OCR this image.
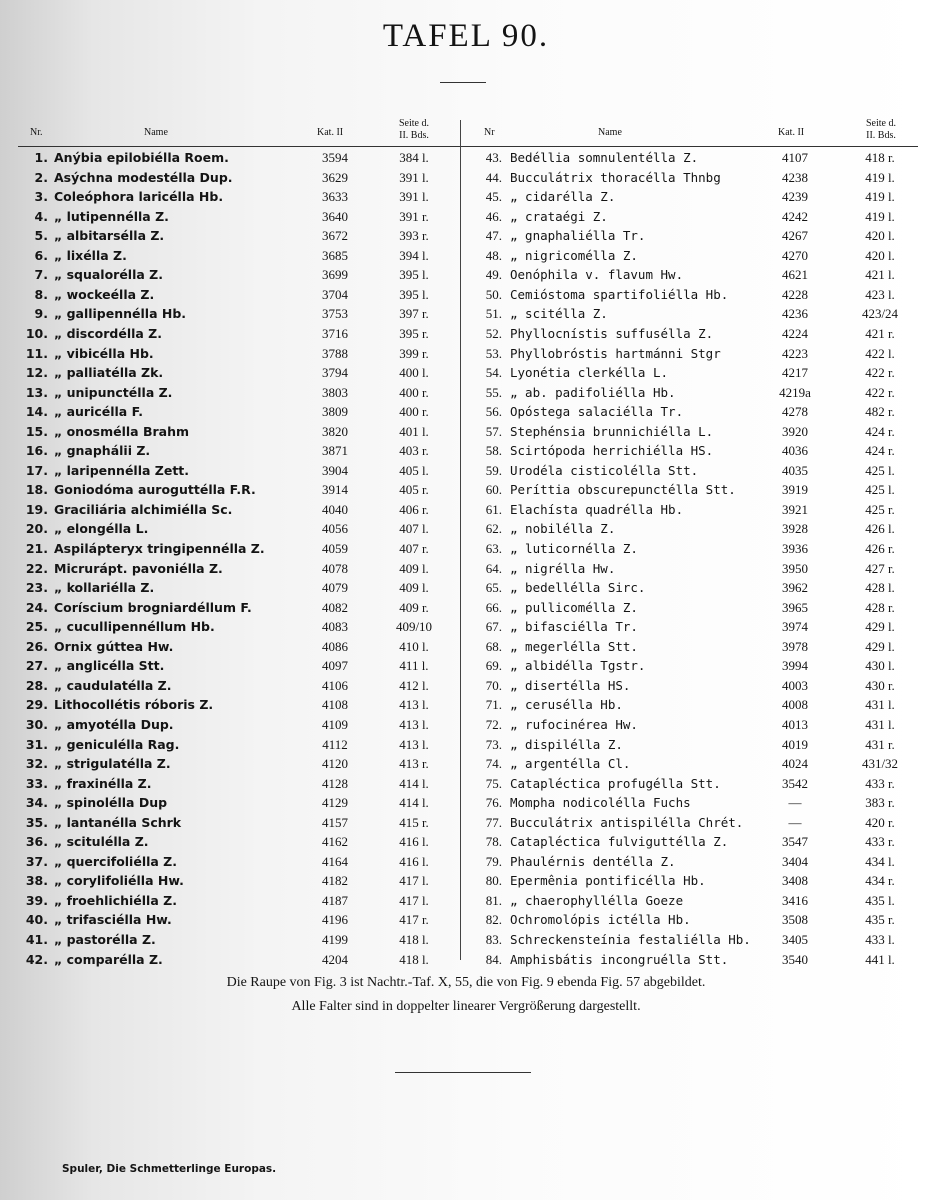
TAFEL 90.
Nr.	Name	Kat. II
Seite d.
II. Bds.	Nr	Name	Kat. II
Seite d.
II. Bds.
1. Anýbia epilobiélla Roem.	3594	384 l.
2. Asýchna modestélla Dup.	3629	391 l.
3. Coleóphora laricélla Hb.	3633	391 l.
4. „ lutipennélla Z.	3640	391 r.
5. „ albitarsélla Z.	3672	393 r.
6. „ lixélla Z.	3685	394 l.
7. „ squalorélla Z.	3699	395 l.
8. „ wockeélla Z.	3704	395 l.
9. „ gallipennélla Hb.	3753	397 r.
10. „ discordélla Z.	3716	395 r.
11. „ vibicélla Hb.	3788	399 r.
12. „ palliatélla Zk.	3794	400 l.
13. „ unipunctélla Z.	3803	400 r.
14. „ auricélla F.	3809	400 r.
15. „ onosmélla Brahm	3820	401 l.
16. „ gnaphálii Z.	3871	403 r.
17. „ laripennélla Zett.	3904	405 l.
18. Goniodóma auroguttélla F.R.	3914	405 r.
19. Graciliária alchimiélla Sc.	4040	406 r.
20. „ elongélla L.	4056	407 l.
21. Aspilápteryx tringipennélla Z.	4059	407 r.
22. Micrurápt. pavoniélla Z.	4078	409 l.
23. „ kollariélla Z.	4079	409 l.
24. Coríscium brogniardéllum F.	4082	409 r.
25. „ cucullipennéllum Hb.	4083	409/10
26. Ornix gúttea Hw.	4086	410 l.
27. „ anglicélla Stt.	4097	411 l.
28. „ caudulatélla Z.	4106	412 l.
29. Lithocollétis róboris Z.	4108	413 l.
30. „ amyotélla Dup.	4109	413 l.
31. „ geniculélla Rag.	4112	413 l.
32. „ strigulatélla Z.	4120	413 r.
33. „ fraxinélla Z.	4128	414 l.
34. „ spinolélla Dup	4129	414 l.
35. „ lantanélla Schrk	4157	415 r.
36. „ scitulélla Z.	4162	416 l.
37. „ quercifoliélla Z.	4164	416 l.
38. „ corylifoliélla Hw.	4182	417 l.
39. „ froehlichiélla Z.	4187	417 l.
40. „ trifasciélla Hw.	4196	417 r.
41. „ pastorélla Z.	4199	418 l.
42. „ comparélla Z.	4204	418 l.
43. Bedéllia somnulentélla Z.	4107	418 r.
44. Bucculátrix thoracélla Thnbg	4238	419 l.
45. „ cidarélla Z.	4239	419 l.
46. „ crataégi Z.	4242	419 l.
47. „ gnaphaliélla Tr.	4267	420 l.
48. „ nigricomélla Z.	4270	420 l.
49. Oenóphila v. flavum Hw.	4621	421 l.
50. Cemióstoma spartifoliélla Hb.	4228	423 l.
51. „ scitélla Z.	4236	423/24
52. Phyllocnístis suffusélla Z.	4224	421 r.
53. Phyllobróstis hartmánni Stgr	4223	422 l.
54. Lyonétia clerkélla L.	4217	422 r.
55. „ ab. padifoliélla Hb.	4219a	422 r.
56. Opóstega salaciélla Tr.	4278	482 r.
57. Stephénsia brunnichiélla L.	3920	424 r.
58. Scirtópoda herrichiélla HS.	4036	424 r.
59. Urodéla cisticolélla Stt.	4035	425 l.
60. Períttia obscurepunctélla Stt.	3919	425 l.
61. Elachísta quadrélla Hb.	3921	425 r.
62. „ nobilélla Z.	3928	426 l.
63. „ luticornélla Z.	3936	426 r.
64. „ nigrélla Hw.	3950	427 r.
65. „ bedellélla Sirc.	3962	428 l.
66. „ pullicomélla Z.	3965	428 r.
67. „ bifasciélla Tr.	3974	429 l.
68. „ megerlélla Stt.	3978	429 l.
69. „ albidélla Tgstr.	3994	430 l.
70. „ disertélla HS.	4003	430 r.
71. „ cerusélla Hb.	4008	431 l.
72. „ rufocinérea Hw.	4013	431 l.
73. „ dispilélla Z.	4019	431 r.
74. „ argentélla Cl.	4024	431/32
75. Catapléctica profugélla Stt.	3542	433 r.
76. Mompha nodicolélla Fuchs	—	383 r.
77. Bucculátrix antispilélla Chrét.	—	420 r.
78. Catapléctica fulviguttélla Z.	3547	433 r.
79. Phaulérnis dentélla Z.	3404	434 l.
80. Epermênia pontificélla Hb.	3408	434 r.
81. „ chaerophyllélla Goeze	3416	435 l.
82. Ochromolópis ictélla Hb.	3508	435 r.
83. Schreckensteínia festaliélla Hb.	3405	433 l.
84. Amphisbátis incongruélla Stt.	3540	441 l.
Die Raupe von Fig. 3 ist Nachtr.-Taf. X, 55, die von Fig. 9 ebenda Fig. 57 abgebildet.
Alle Falter sind in doppelter linearer Vergrößerung dargestellt.
Spuler, Die Schmetterlinge Europas.
